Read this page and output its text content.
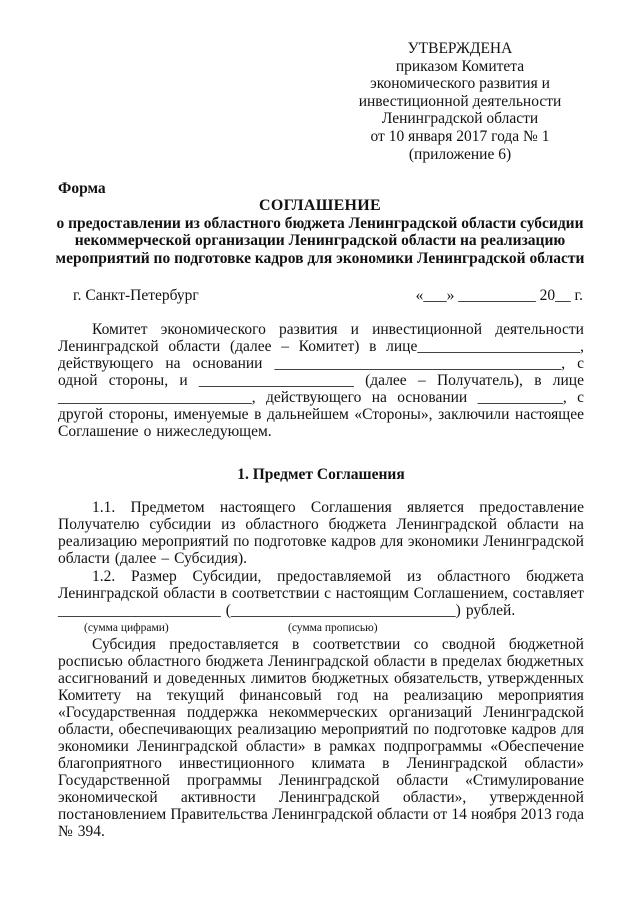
УТВЕРЖДЕНА
приказом Комитета
экономического развития и
инвестиционной деятельности
Ленинградской области
от 10 января 2017 года № 1
(приложение 6)
Форма
СОГЛАШЕНИЕ
о предоставлении из областного бюджета Ленинградской области субсидии
некоммерческой организации Ленинградской области на реализацию
мероприятий по подготовке кадров для экономики Ленинградской области
г. Санкт-Петербург	«___» __________ 20__ г.
Комитет экономического развития и инвестиционной деятельности
Ленинградской области (далее – Комитет) в лице_____________________,
действующего на основании _____________________________________, с
одной стороны, и ____________________ (далее – Получатель), в лице
_________________________, действующего на основании ___________, с
другой стороны, именуемые в дальнейшем «Стороны», заключили настоящее
Соглашение о нижеследующем.
1. Предмет Соглашения
1.1. Предметом настоящего Соглашения является предоставление
Получателю субсидии из областного бюджета Ленинградской области на
реализацию мероприятий по подготовке кадров для экономики Ленинградской
области (далее – Субсидия).
1.2. Размер Субсидии, предоставляемой из областного бюджета
Ленинградской области в соответствии с настоящим Соглашением, составляет
_____________________ (_____________________________) рублей.
(сумма цифрами)	(сумма прописью)
Субсидия предоставляется в соответствии со сводной бюджетной
росписью областного бюджета Ленинградской области в пределах бюджетных
ассигнований и доведенных лимитов бюджетных обязательств, утвержденных
Комитету на текущий финансовый год на реализацию мероприятия
«Государственная поддержка некоммерческих организаций Ленинградской
области, обеспечивающих реализацию мероприятий по подготовке кадров для
экономики Ленинградской области» в рамках подпрограммы «Обеспечение
благоприятного инвестиционного климата в Ленинградской области»
Государственной программы Ленинградской области «Стимулирование
экономической активности Ленинградской области», утвержденной
постановлением Правительства Ленинградской области от 14 ноября 2013 года
№ 394.
